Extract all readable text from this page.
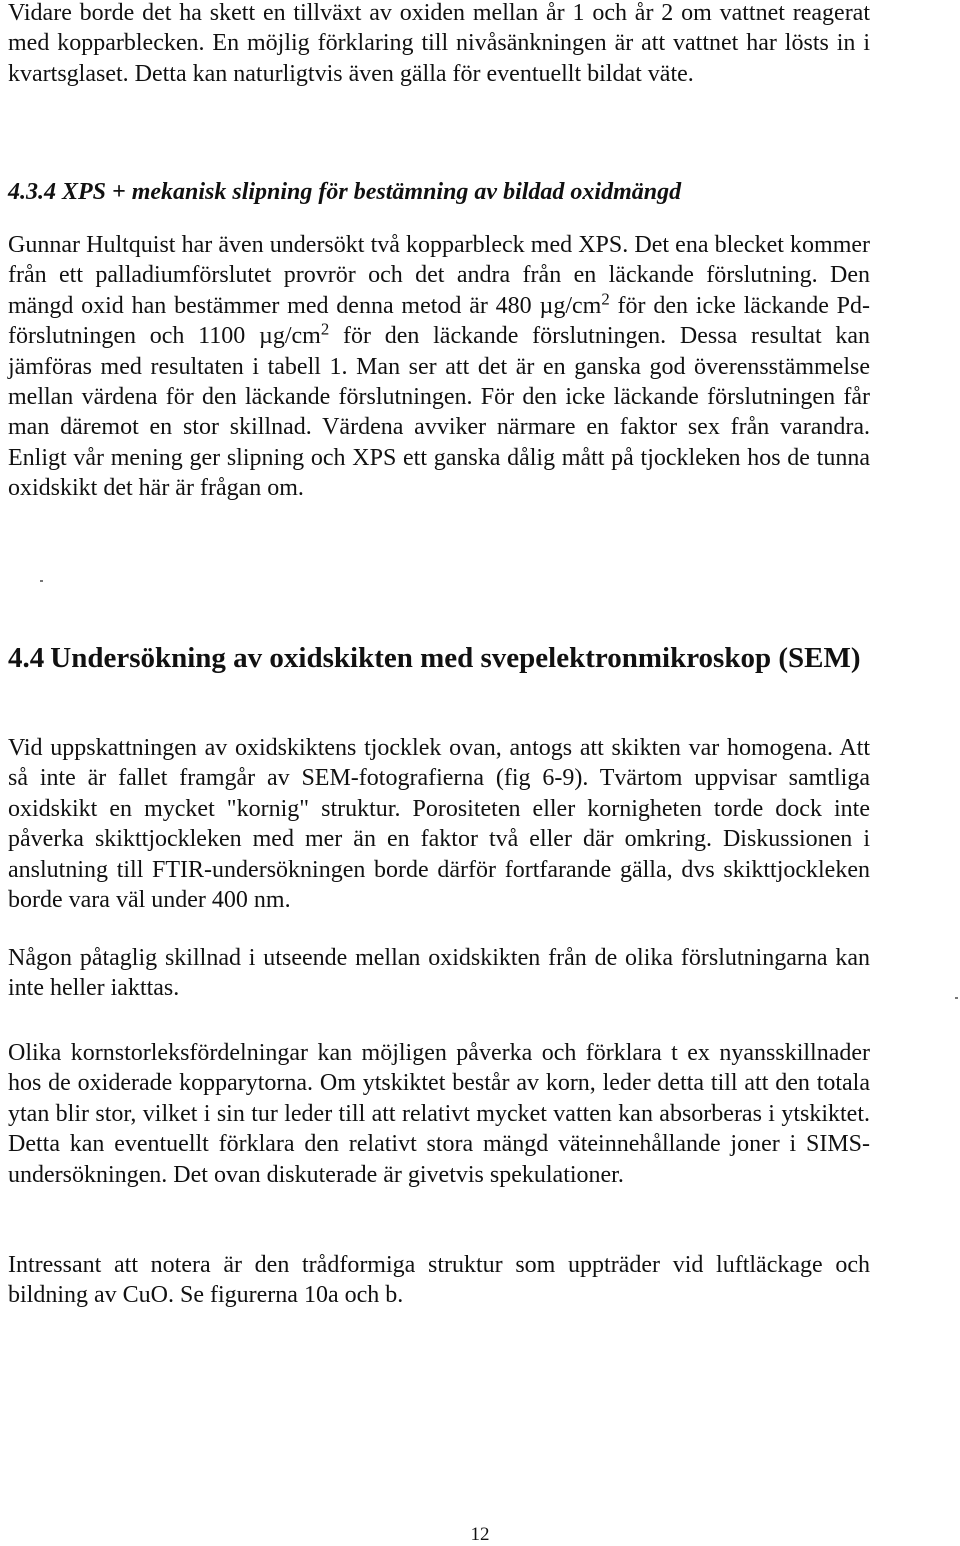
Vidare borde det ha skett en tillväxt av oxiden mellan år 1 och år 2 om vattnet reagerat med kopparblecken. En möjlig förklaring till nivåsänkningen är att vattnet har lösts in i kvartsglaset. Detta kan naturligtvis även gälla för eventuellt bildat väte.

4.3.4 XPS + mekanisk slipning för bestämning av bildad oxidmängd

Gunnar Hultquist har även undersökt två kopparbleck med XPS. Det ena blecket kommer från ett palladiumförslutet provrör och det andra från en läckande förslutning. Den mängd oxid han bestämmer med denna metod är 480 $\mu g/cm^2$ för den icke läckande Pd-förslutningen och 1100 $\mu g/cm^2$ för den läckande förslutningen. Dessa resultat kan jämföras med resultaten i tabell 1. Man ser att det är en ganska god överensstämmelse mellan värdena för den läckande förslutningen. För den icke läckande förslutningen får man däremot en stor skillnad. Värdena avviker närmare en faktor sex från varandra. Enligt vår mening ger slipning och XPS ett ganska dålig mått på tjockleken hos de tunna oxidskikt det här är frågan om.

4.4 Undersökning av oxidskikten med svepelektronmikroskop (SEM)

Vid uppskattningen av oxidskiktens tjocklek ovan, antogs att skikten var homogena. Att så inte är fallet framgår av SEM-fotografierna (fig 6-9). Tvärtom uppvisar samtliga oxidskikt en mycket "kornig" struktur. Porositeten eller kornigheten torde dock inte påverka skikttjockleken med mer än en faktor två eller där omkring. Diskussionen i anslutning till FTIR-undersökningen borde därför fortfarande gälla, dvs skikttjockleken borde vara väl under 400 nm.

Någon påtaglig skillnad i utseende mellan oxidskikten från de olika förslutningarna kan inte heller iakttas.

Olika kornstorleksfördelningar kan möjligen påverka och förklara t ex nyansskillnader hos de oxiderade kopparytorna. Om ytskiktet består av korn, leder detta till att den totala ytan blir stor, vilket i sin tur leder till att relativt mycket vatten kan absorberas i ytskiktet. Detta kan eventuellt förklara den relativt stora mängd väteinnehållande joner i SIMS-undersökningen. Det ovan diskuterade är givetvis spekulationer.

Intressant att notera är den trådformiga struktur som uppträder vid luftläckage och bildning av CuO. Se figurerna 10a och b.

12
